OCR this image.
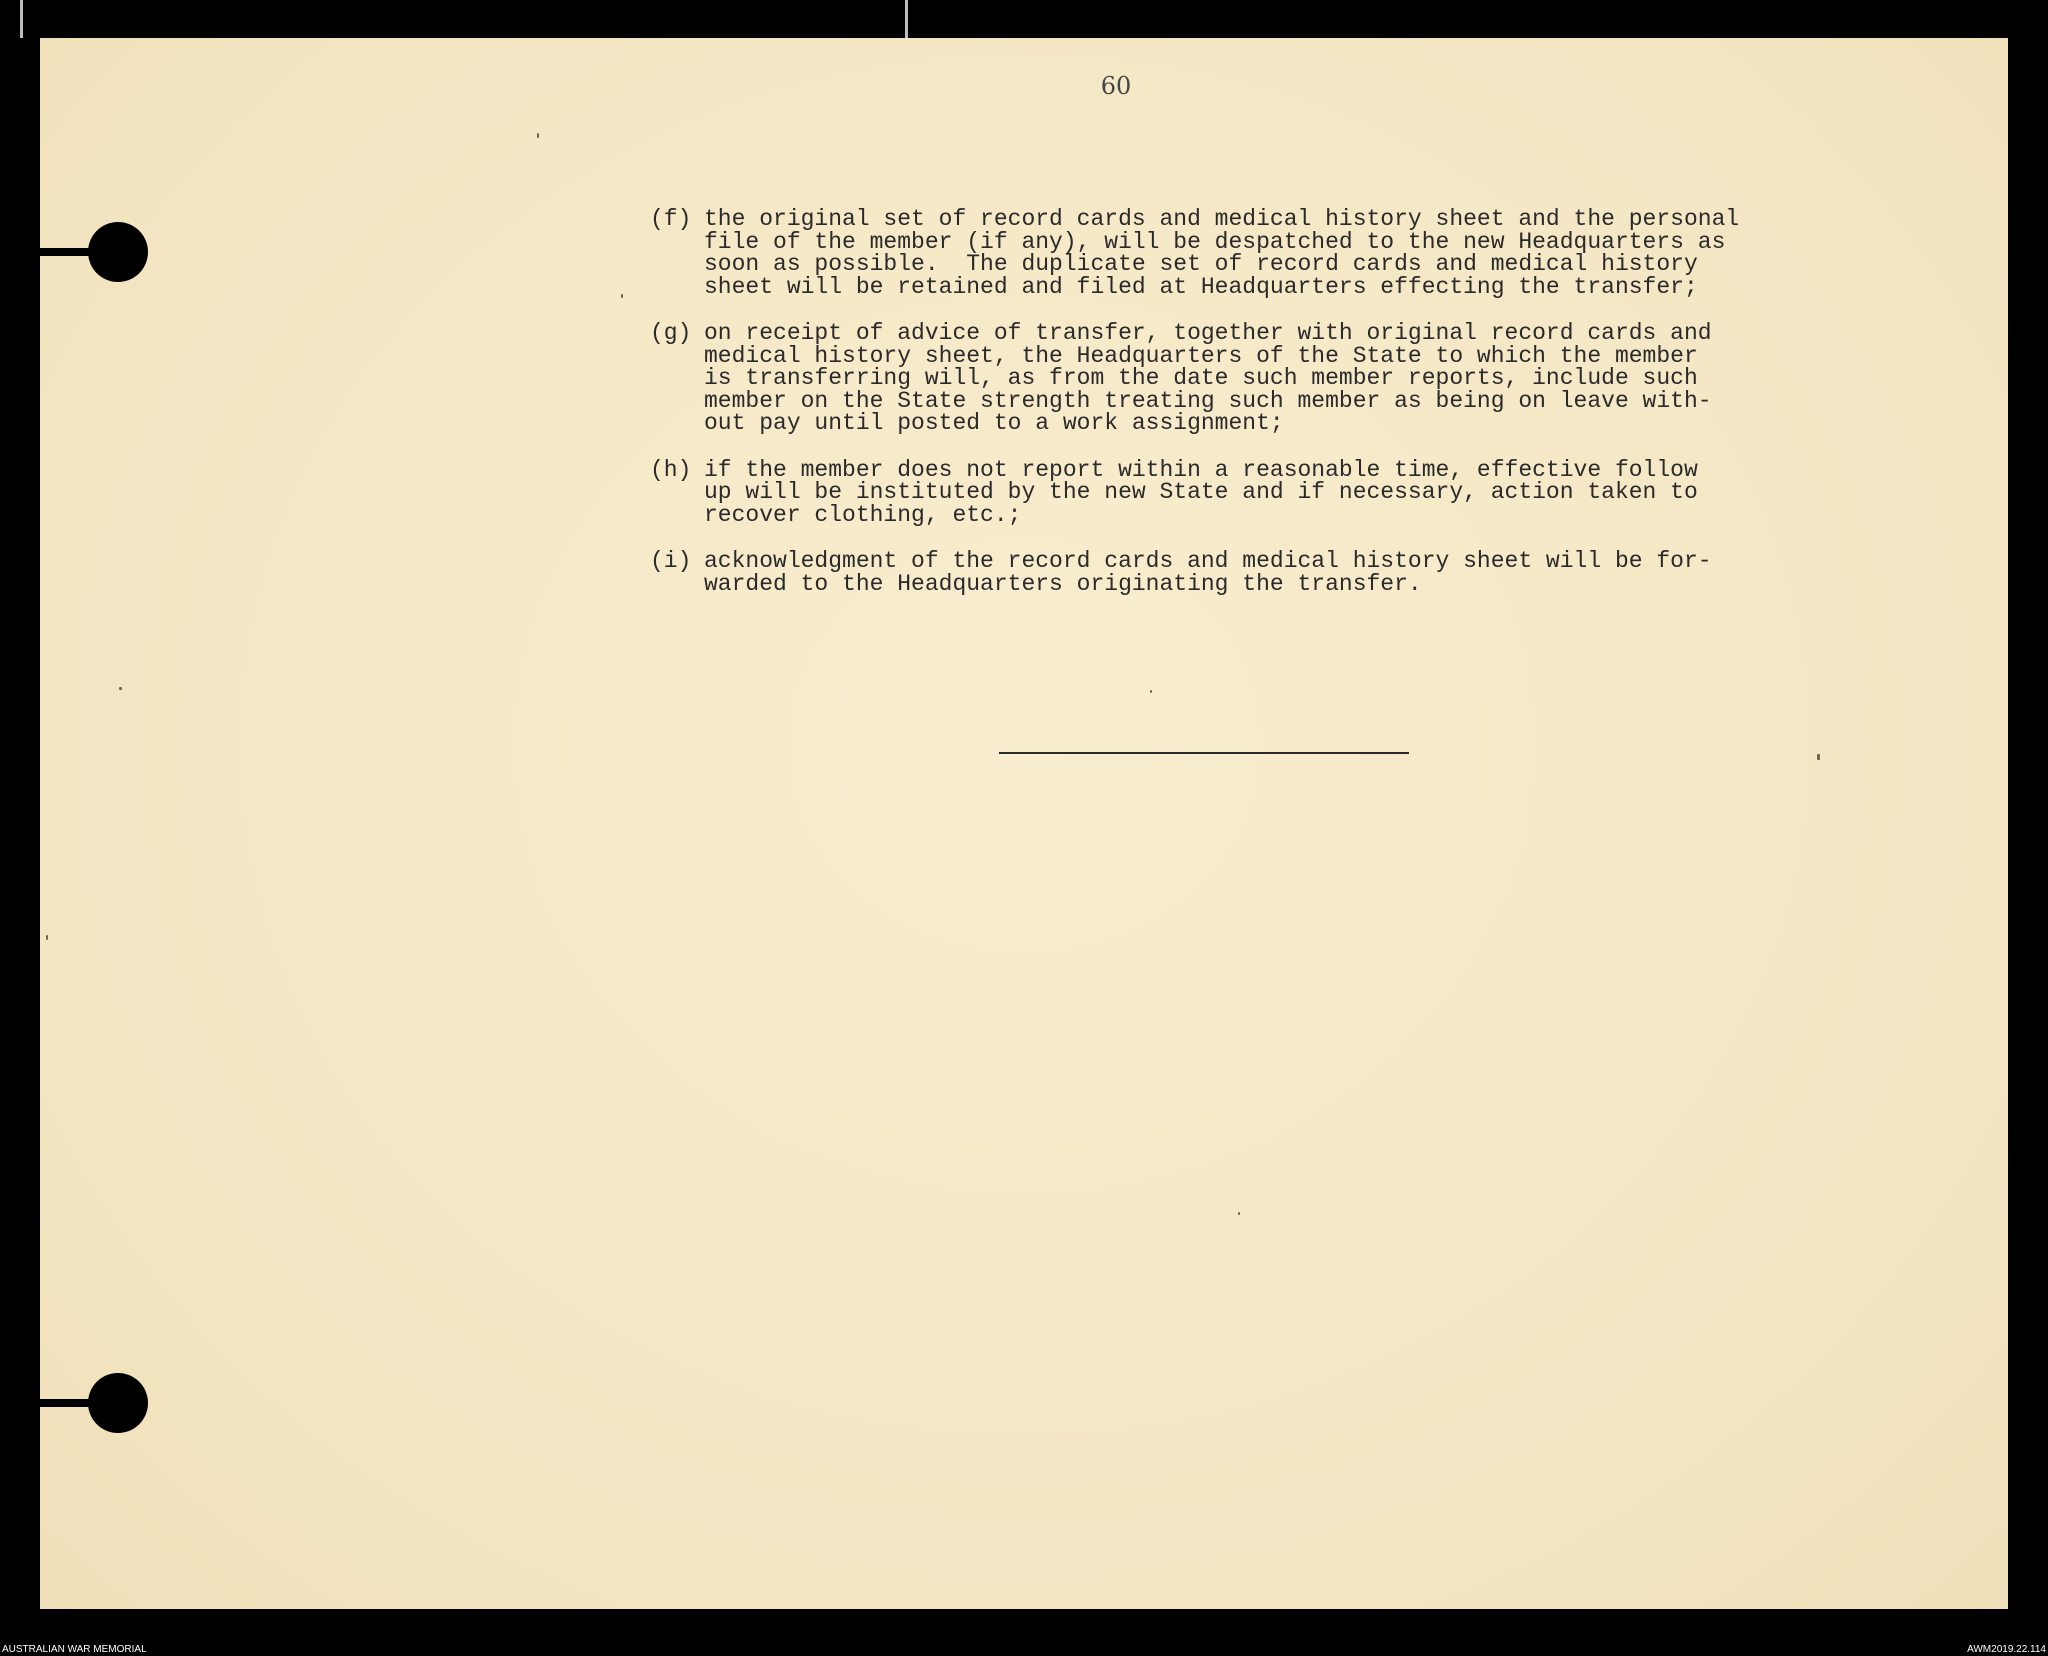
60
(f) the original set of record cards and medical history sheet and the personal
file of the member (if any), will be despatched to the new Headquarters as
soon as possible.  The duplicate set of record cards and medical history
sheet will be retained and filed at Headquarters effecting the transfer;
(g) on receipt of advice of transfer, together with original record cards and
medical history sheet, the Headquarters of the State to which the member
is transferring will, as from the date such member reports, include such
member on the State strength treating such member as being on leave with-
out pay until posted to a work assignment;
(h) if the member does not report within a reasonable time, effective follow
up will be instituted by the new State and if necessary, action taken to
recover clothing, etc.;
(i) acknowledgment of the record cards and medical history sheet will be for-
warded to the Headquarters originating the transfer.
AUSTRALIAN WAR MEMORIAL	AWM2019.22.114
